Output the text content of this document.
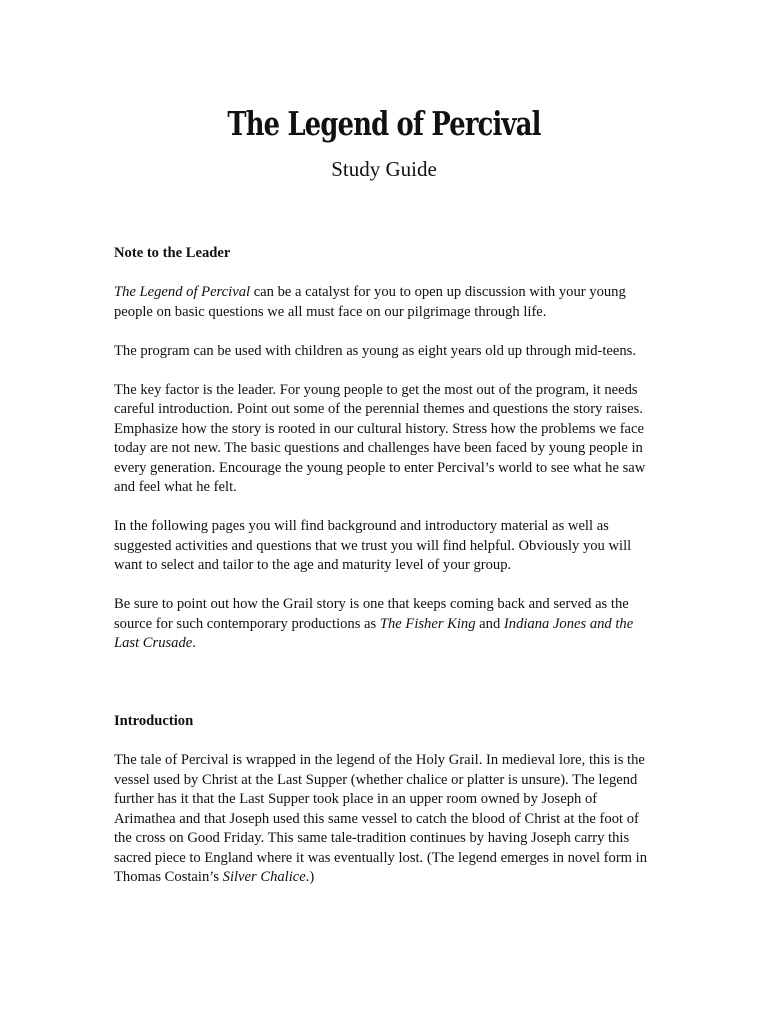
The Legend of Percival
Study Guide

Note to the Leader

The Legend of Percival can be a catalyst for you to open up discussion with your young people on basic questions we all must face on our pilgrimage through life.

The program can be used with children as young as eight years old up through mid-teens.

The key factor is the leader. For young people to get the most out of the program, it needs careful introduction. Point out some of the perennial themes and questions the story raises. Emphasize how the story is rooted in our cultural history. Stress how the problems we face today are not new. The basic questions and challenges have been faced by young people in every generation. Encourage the young people to enter Percival’s world to see what he saw and feel what he felt.

In the following pages you will find background and introductory material as well as suggested activities and questions that we trust you will find helpful. Obviously you will want to select and tailor to the age and maturity level of your group.

Be sure to point out how the Grail story is one that keeps coming back and served as the source for such contemporary productions as The Fisher King and Indiana Jones and the Last Crusade.

Introduction

The tale of Percival is wrapped in the legend of the Holy Grail. In medieval lore, this is the vessel used by Christ at the Last Supper (whether chalice or platter is unsure). The legend further has it that the Last Supper took place in an upper room owned by Joseph of Arimathea and that Joseph used this same vessel to catch the blood of Christ at the foot of the cross on Good Friday. This same tale-tradition continues by having Joseph carry this sacred piece to England where it was eventually lost. (The legend emerges in novel form in Thomas Costain’s Silver Chalice.)
